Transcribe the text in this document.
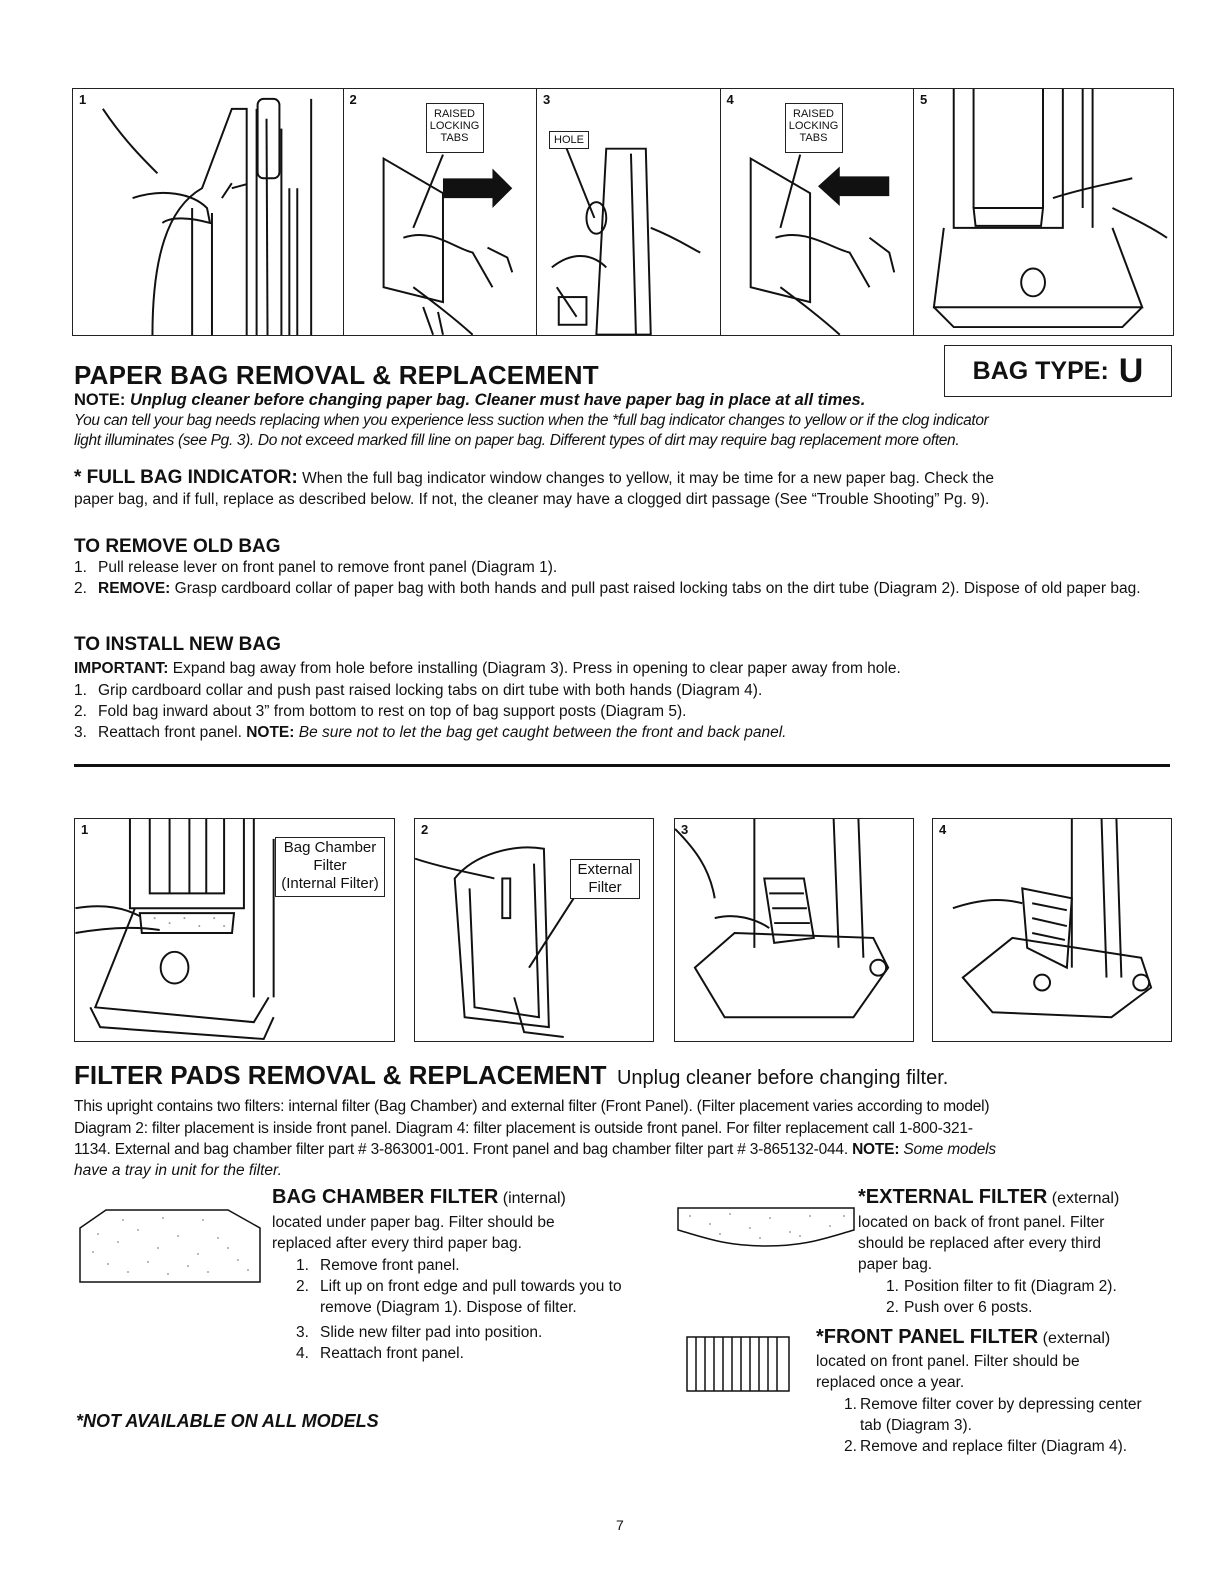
1	2
RAISED LOCKING TABS
3
HOLE
4
RAISED LOCKING TABS
5
PAPER BAG REMOVAL & REPLACEMENT	BAG TYPE: U
NOTE: Unplug cleaner before changing paper bag. Cleaner must have paper bag in place at all times.
You can tell your bag needs replacing when you experience less suction when the *full bag indicator changes to yellow or if the clog indicator
light illuminates (see Pg. 3). Do not exceed marked fill line on paper bag. Different types of dirt may require bag replacement more often.
* FULL BAG INDICATOR: When the full bag indicator window changes to yellow, it may be time for a new paper bag. Check the
paper bag, and if full, replace as described below. If not, the cleaner may have a clogged dirt passage (See “Trouble Shooting” Pg. 9).
TO REMOVE OLD BAG
1. Pull release lever on front panel to remove front panel (Diagram 1).
2. REMOVE: Grasp cardboard collar of paper bag with both hands and pull past raised locking tabs on the dirt tube (Diagram 2). Dispose of old paper bag.
TO INSTALL NEW BAG
IMPORTANT: Expand bag away from hole before installing (Diagram 3). Press in opening to clear paper away from hole.
1. Grip cardboard collar and push past raised locking tabs on dirt tube with both hands (Diagram 4).
2. Fold bag inward about 3” from bottom to rest on top of bag support posts (Diagram 5).
3. Reattach front panel. NOTE: Be sure not to let the bag get caught between the front and back panel.
1
Bag Chamber
Filter
(Internal Filter)
2
External
Filter
3	4
FILTER PADS REMOVAL & REPLACEMENT Unplug cleaner before changing filter.
This upright contains two filters: internal filter (Bag Chamber) and external filter (Front Panel). (Filter placement varies according to model)
Diagram 2: filter placement is inside front panel. Diagram 4: filter placement is outside front panel. For filter replacement call 1-800-321-
1134. External and bag chamber filter part # 3-863001-001. Front panel and bag chamber filter part # 3-865132-044. NOTE: Some models
have a tray in unit for the filter.
BAG CHAMBER FILTER (internal)
located under paper bag. Filter should be
replaced after every third paper bag.
1. Remove front panel.
2. Lift up on front edge and pull towards you to remove (Diagram 1). Dispose of filter.
3. Slide new filter pad into position.
4. Reattach front panel.
*EXTERNAL FILTER (external)
located on back of front panel. Filter
should be replaced after every third
paper bag.
1. Position filter to fit (Diagram 2).
2. Push over 6 posts.
*FRONT PANEL FILTER (external)
located on front panel. Filter should be
replaced once a year.
1. Remove filter cover by depressing center tab (Diagram 3).
2. Remove and replace filter (Diagram 4).
*NOT AVAILABLE ON ALL MODELS
7
